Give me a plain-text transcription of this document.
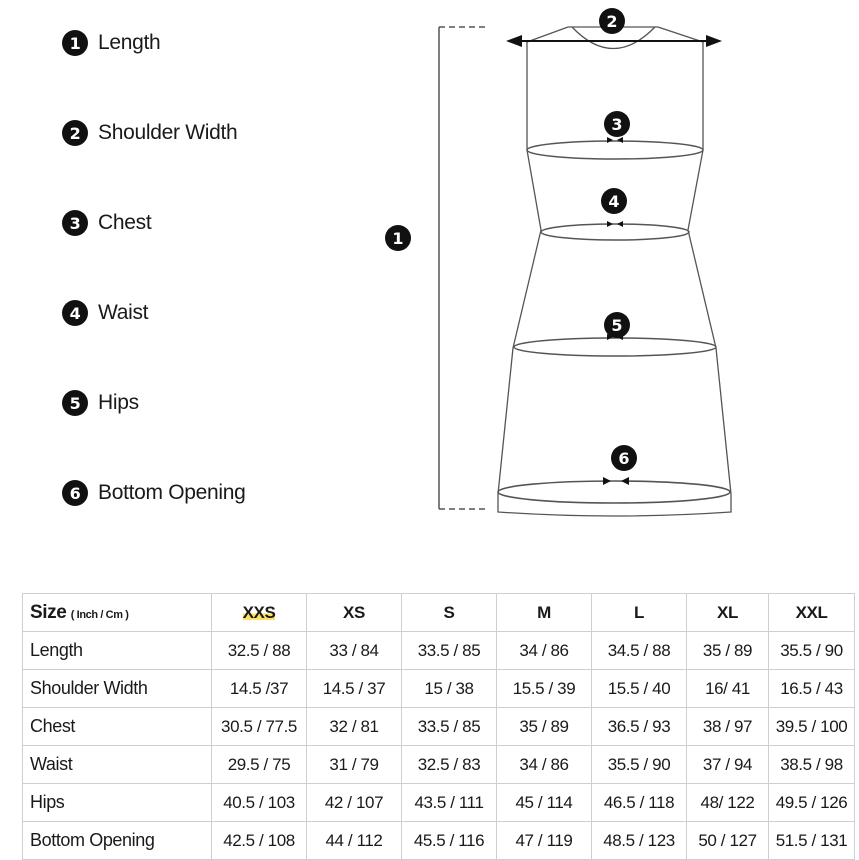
1 Length
2 Shoulder Width
3 Chest
4 Waist
5 Hips
6 Bottom Opening
1
2
3
4
5
6
Size ( Inch / Cm )	XXS	XS	S	M	L	XL	XXL
Length	32.5 / 88	33 / 84	33.5 / 85	34 / 86	34.5 / 88	35 / 89	35.5 / 90
Shoulder Width	14.5 /37	14.5 / 37	15 / 38	15.5 / 39	15.5 / 40	16/ 41	16.5 / 43
Chest	30.5 / 77.5	32 / 81	33.5 / 85	35 / 89	36.5 / 93	38 / 97	39.5 / 100
Waist	29.5 / 75	31 / 79	32.5 / 83	34 / 86	35.5 / 90	37 / 94	38.5 / 98
Hips	40.5 / 103	42 / 107	43.5 / 111	45 / 114	46.5 / 118	48/ 122	49.5 / 126
Bottom Opening	42.5 / 108	44 / 112	45.5 / 116	47 / 119	48.5 / 123	50 / 127	51.5 / 131
